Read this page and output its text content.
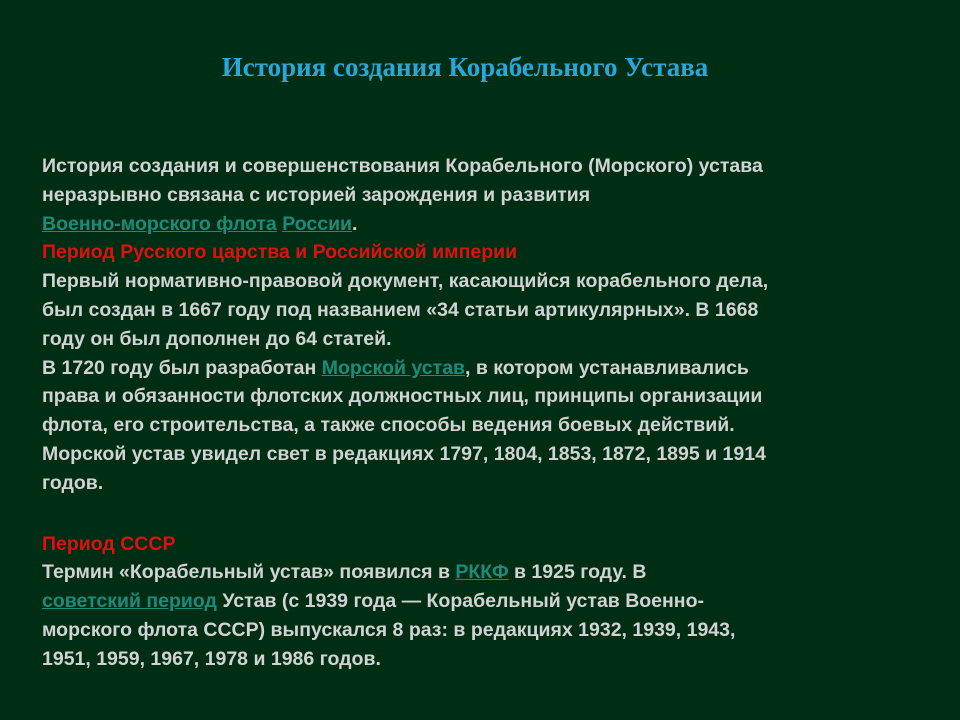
История создания Корабельного Устава
История создания и совершенствования Корабельного (Морского) устава
неразрывно связана с историей зарождения и развития
Военно-морского флота России.
Период Русского царства и Российской империи
Первый нормативно-правовой документ, касающийся корабельного дела,
был создан в 1667 году под названием «34 статьи артикулярных». В 1668
году он был дополнен до 64 статей.
В 1720 году был разработан Морской устав, в котором устанавливались
права и обязанности флотских должностных лиц, принципы организации
флота, его строительства, а также способы ведения боевых действий.
Морской устав увидел свет в редакциях 1797, 1804, 1853, 1872, 1895 и 1914
годов.
Период СССР
Термин «Корабельный устав» появился в РККФ в 1925 году. В
советский период Устав (с 1939 года — Корабельный устав Военно-
морского флота СССР) выпускался 8 раз: в редакциях 1932, 1939, 1943,
1951, 1959, 1967, 1978 и 1986 годов.
